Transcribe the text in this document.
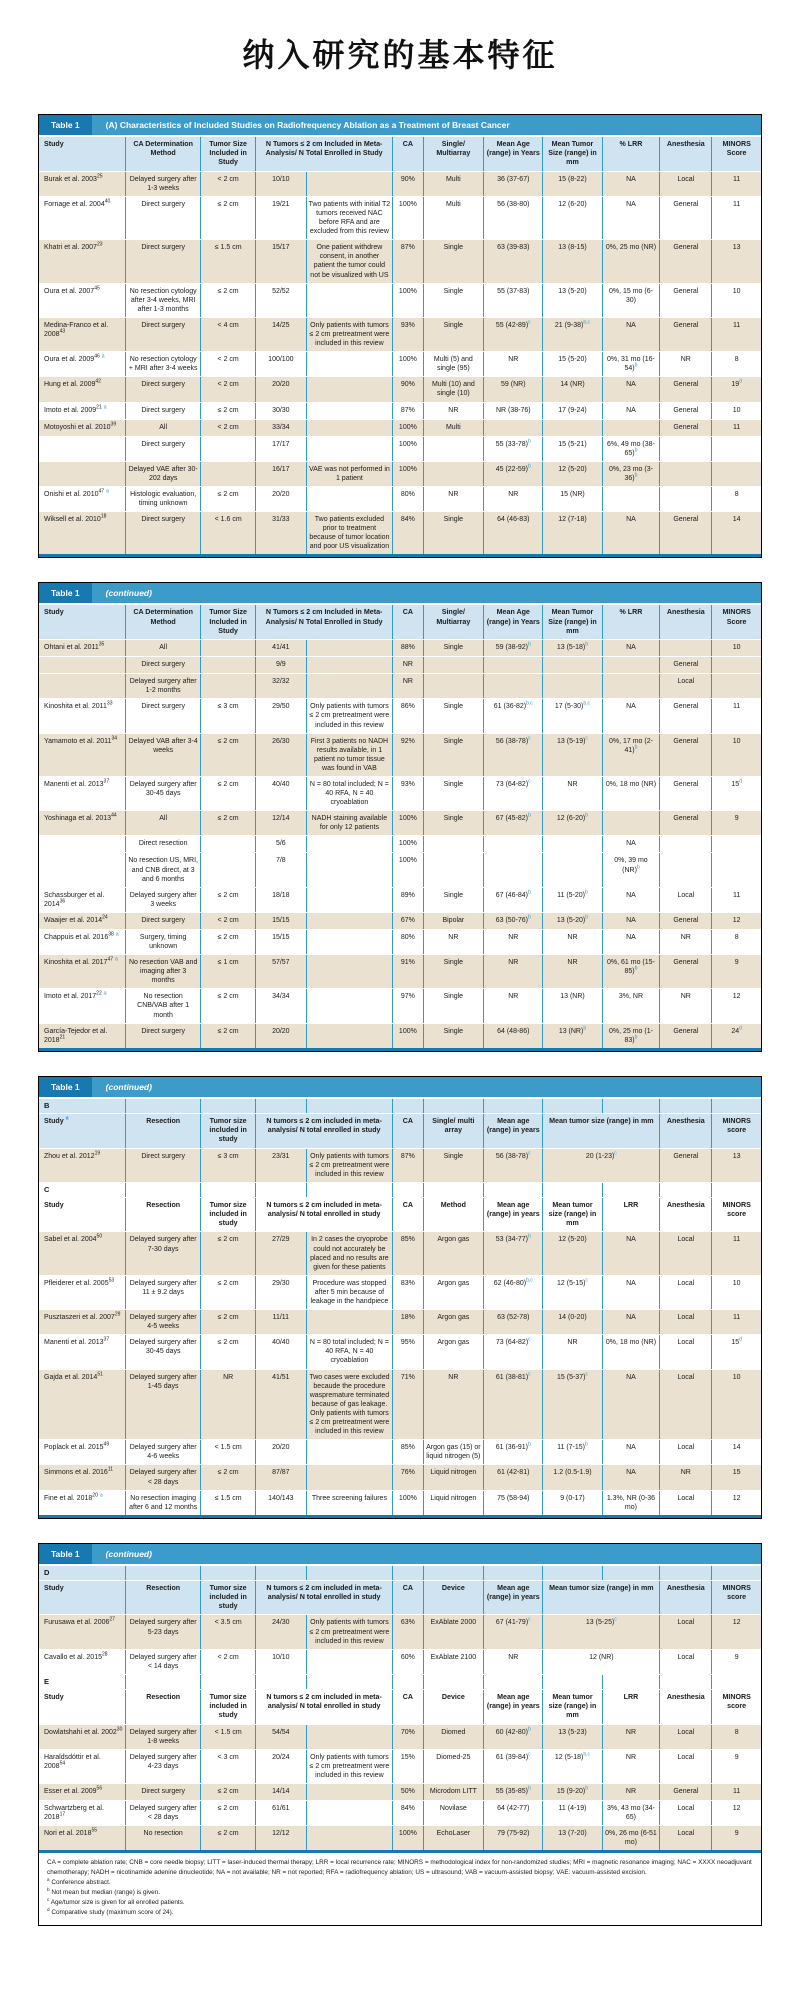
纳入研究的基本特征
Table 1	(A) Characteristics of Included Studies on Radiofrequency Ablation as a Treatment of Breast Cancer
Study	CA Determination Method	Tumor Size Included in Study	N Tumors ≤ 2 cm Included in Meta-Analysis/ N Total Enrolled in Study		CA	Single/ Multiarray	Mean Age (range) in Years	Mean Tumor Size (range) in mm	% LRR	Anesthesia	MINORS Score
Burak et al. 2003$^{25}$	Delayed surgery after 1-3 weeks	< 2 cm	10/10		90%	Multi	36 (37-67)	15 (8-22)	NA	Local	11
Fornage et al. 2004$^{40}$	Direct surgery	≤ 2 cm	19/21	Two patients with initial T2 tumors received NAC before RFA and are excluded from this review	100%	Multi	56 (38-80)	12 (6-20)	NA	General	11
Khatri et al. 2007$^{23}$	Direct surgery	≤ 1.5 cm	15/17	One patient withdrew consent, in another patient the tumor could not be visualized with US	87%	Single	63 (39-83)	13 (8-15)	0%, 25 mo (NR)	General	13
Oura et al. 2007$^{45}$	No resection cytology after 3-4 weeks, MRI after 1-3 months	≤ 2 cm	52/52		100%	Single	55 (37-83)	13 (5-20)	0%, 15 mo (6-30)	General	10
Medina-Franco et al. 2008$^{43}$	Direct surgery	< 4 cm	14/25	Only patients with tumors ≤ 2 cm pretreatment were included in this review	93%	Single	55 $(42-89)^c$	21 $(9-38)^{b,c}$	NA	General	11
Oura et al. 2009$^{46}$ $^a$	No resection cytology + MRI after 3-4 weeks	< 2 cm	100/100		100%	Multi (5) and single (95)	NR	15 (5-20)	0%, 31 mo $(16-54)^b$	NR	8
Hung et al. 2009$^{42}$	Direct surgery	< 2 cm	20/20		90%	Multi (10) and single (10)	59 (NR)	14 (NR)	NA	General	19$^d$
Imoto et al. 2009$^{21}$ $^a$	Direct surgery	≤ 2 cm	30/30		87%	NR	NR (38-76)	17 (9-24)	NA	General	10
Motoyoshi et al. 2010$^{39}$	All	< 2 cm	33/34		100%	Multi				General	11
	Direct surgery		17/17		100%		55 $(33-78)^b$	15 (5-21)	6%, 49 mo $(38-65)^b$		
	Delayed VAE after 30-202 days		16/17	VAE was not performed in 1 patient	100%		45 $(22-59)^b$	12 (5-20)	0%, 23 mo $(3-36)^b$		
Onishi et al. 2010$^{47}$ $^a$	Histologic evaluation, timing unknown	≤ 2 cm	20/20		80%	NR	NR	15 (NR)			8
Wiksell et al. 2010$^{18}$	Direct surgery	< 1.6 cm	31/33	Two patients excluded prior to treatment because of tumor location and poor US visualization	84%	Single	64 (46-83)	12 (7-18)	NA	General	14
Table 1	(continued)
Study	CA Determination Method	Tumor Size Included in Study	N Tumors ≤ 2 cm Included in Meta-Analysis/ N Total Enrolled in Study		CA	Single/ Multiarray	Mean Age (range) in Years	Mean Tumor Size (range) in mm	% LRR	Anesthesia	MINORS Score
Ohtani et al. 2011$^{35}$	All		41/41		88%	Single	59 $(38-92)^b$	13 $(5-18)^b$	NA		10
	Direct surgery		9/9		NR					General	
	Delayed surgery after 1-2 months		32/32		NR					Local	
Kinoshita et al. 2011$^{33}$	Direct surgery	≤ 3 cm	29/50	Only patients with tumors ≤ 2 cm pretreatment were included in this review	86%	Single	61 $(36-82)^{b,c}$	17 $(5-30)^{b,c}$	NA	General	11
Yamamoto et al. 2011$^{34}$	Delayed VAB after 3-4 weeks	≤ 2 cm	26/30	First 3 patients no NADH results available, in 1 patient no tumor tissue was found in VAB	92%	Single	56 $(38-78)^c$	13 $(5-19)^c$	0%, 17 mo $(2-41)^b$	General	10
Manenti et al. 2013$^{37}$	Delayed surgery after 30-45 days	≤ 2 cm	40/40	N = 80 total included; N = 40 RFA, N = 40 cryoablation	93%	Single	73 $(64-82)^c$	NR	0%, 18 mo (NR)	General	15$^d$
Yoshinaga et al. 2013$^{44}$	All	≤ 2 cm	12/14	NADH staining available for only 12 patients	100%	Single	67 $(45-82)^b$	12 $(6-20)^b$		General	9
	Direct resection		5/6		100%				NA		
	No resection US, MRI, and CNB direct, at 3 and 6 months		7/8		100%				0%, 39 mo (NR)$^b$		
Schassburger et al. 2014$^{36}$	Delayed surgery after 3 weeks	≤ 2 cm	18/18		89%	Single	67 $(46-84)^b$	11 $(5-20)^b$	NA	Local	11
Waaijer et al. 2014$^{24}$	Direct surgery	< 2 cm	15/15		67%	Bipolar	63 $(50-76)^b$	13 $(5-20)^b$	NA	General	12
Chappuis et al. 2016$^{38}$ $^a$	Surgery, timing unknown	≤ 2 cm	15/15		80%	NR	NR	NR	NA	NR	8
Kinoshita et al. 2017$^{47}$ $^a$	No resection VAB and imaging after 3 months	≤ 1 cm	57/57		91%	Single	NR	NR	0%, 61 mo $(15-85)^b$	General	9
Imoto et al. 2017$^{22}$ $^a$	No resection CNB/VAB after 1 month	≤ 2 cm	34/34		97%	Single	NR	13 (NR)	3%, NR	NR	12
García-Tejedor et al. 2018$^{21}$	Direct surgery	≤ 2 cm	20/20		100%	Single	64 (48-86)	13 (NR)$^b$	0%, 25 mo $(1-83)^b$	General	24$^d$
Table 1	(continued)
B											
Study $^a$	Resection	Tumor size included in study	N tumors ≤ 2 cm included in meta-analysis/ N total enrolled in study		CA	Single/ multi array	Mean age (range) in years	Mean tumor size (range) in mm		Anesthesia	MINORS score
Zhou et al. 2012$^{19}$	Direct surgery	≤ 3 cm	23/31	Only patients with tumors ≤ 2 cm pretreatment were included in this review	87%	Single	56 $(38-78)^c$	20 $(1-23)^c$		General	13
C											
Study	Resection	Tumor size included in study	N tumors ≤ 2 cm included in meta-analysis/ N total enrolled in study		CA	Method	Mean age (range) in years	Mean tumor size (range) in mm	LRR	Anesthesia	MINORS score
Sabel et al. 2004$^{50}$	Delayed surgery after 7-30 days	≤ 2 cm	27/29	In 2 cases the cryoprobe could not accurately be placed and no results are given for these patients	85%	Argon gas	53 $(34-77)^b$	12 (5-20)	NA	Local	11
Pfleiderer et al. 2005$^{53}$	Delayed surgery after 11 ± 9.2 days	≤ 2 cm	29/30	Procedure was stopped after 5 min because of leakage in the handpiece	83%	Argon gas	62 $(46-80)^{b,c}$	12 $(5-15)^c$	NA	Local	10
Pusztaszeri et al. 2007$^{29}$	Delayed surgery after 4-5 weeks	≤ 2 cm	11/11		18%	Argon gas	63 (52-78)	14 (0-20)	NA	Local	11
Manenti et al. 2013$^{37}$	Delayed surgery after 30-45 days	≤ 2 cm	40/40	N = 80 total included; N = 40 RFA, N = 40 cryoablation	95%	Argon gas	73 $(64-82)^c$	NR	0%, 18 mo (NR)	Local	15$^d$
Gajda et al. 2014$^{51}$	Delayed surgery after 1-45 days	NR	41/51	Two cases were excluded becaude the procedure waspremature terminated because of gas leakage. Only patients with tumors ≤ 2 cm pretreatment were included in this review	71%	NR	61 $(38-81)^c$	15 $(5-37)^c$	NA	Local	10
Poplack et al. 2015$^{49}$	Delayed surgery after 4-6 weeks	< 1.5 cm	20/20		85%	Argon gas (15) or liquid nitrogen (5)	61 $(36-91)^b$	11 $(7-15)^b$	NA	Local	14
Simmons et al. 2016$^{11}$	Delayed surgery after < 28 days	≤ 2 cm	87/87		76%	Liquid nitrogen	61 (42-81)	1.2 (0.5-1.9)	NA	NR	15
Fine et al. 2018$^{20}$ $^a$	No resection imaging after 6 and 12 months	≤ 1.5 cm	140/143	Three screening failures	100%	Liquid nitrogen	75 (58-94)	9 (0-17)	1.3%, NR (0-36 mo)	Local	12
Table 1	(continued)
D											
Study	Resection	Tumor size included in study	N tumors ≤ 2 cm included in meta-analysis/ N total enrolled in study		CA	Device	Mean age (range) in years	Mean tumor size (range) in mm		Anesthesia	MINORS score
Furusawa et al. 2006$^{27}$	Delayed surgery after 5-23 days	< 3.5 cm	24/30	Only patients with tumors ≤ 2 cm pretreatment were included in this review	63%	ExAblate 2000	67 $(41-79)^c$	13 $(5-25)^c$		Local	12
Cavallo et al. 2015$^{28}$	Delayed surgery after < 14 days	< 2 cm	10/10		60%	ExAblate 2100	NR	12 (NR)		Local	9
E											
Study	Resection	Tumor size included in study	N tumors ≤ 2 cm included in meta-analysis/ N total enrolled in study		CA	Device	Mean age (range) in years	Mean tumor size (range) in mm	LRR	Anesthesia	MINORS score
Dowlatshahi et al. 2002$^{30}$	Delayed surgery after 1-8 weeks	< 1.5 cm	54/54		70%	Diomed	60 $(42-80)^b$	13 (5-23)	NR	Local	8
Haraldsdóttir et al. 2008$^{54}$	Delayed surgery after 4-23 days	< 3 cm	20/24	Only patients with tumors ≤ 2 cm pretreatment were included in this review	15%	Diomed-25	61 $(39-84)^c$	12 $(5-18)^{b,c}$	NR	Local	9
Esser et al. 2009$^{56}$	Direct surgery	≤ 2 cm	14/14		50%	Microdom LITT	55 $(35-85)^b$	15 $(9-20)^b$	NR	General	11
Schwartzberg et al. 2018$^{17}$	Delayed surgery after < 28 days	≤ 2 cm	61/61		84%	Novilase	64 (42-77)	11 (4-19)	3%, 43 mo (34-65)	Local	12
Nori et al. 2018$^{55}$	No resection	≤ 2 cm	12/12		100%	EchoLaser	79 (75-92)	13 (7-20)	0%, 26 mo (6-51 mo)	Local	9
CA = complete ablation rate; CNB = core needle biopsy; LITT = laser-induced thermal therapy; LRR = local recurrence rate; MINORS = methodological index for non-randomized studies; MRI = magnetic resonance imaging; NAC = XXXX neoadjuvant chemotherapy; NADH = nicotinamide adenine dinucleotide; NA = not available; NR = not reported; RFA = radiofrequency ablation; US = ultrasound; VAB = vacuum-assisted biopsy; VAE: vacuum-assisted excision.
$^a$ Conference abstract.
$^b$ Not mean but median (range) is given.
$^c$ Age/tumor size is given for all enrolled patients.
$^d$ Comparative study (maximum score of 24).
